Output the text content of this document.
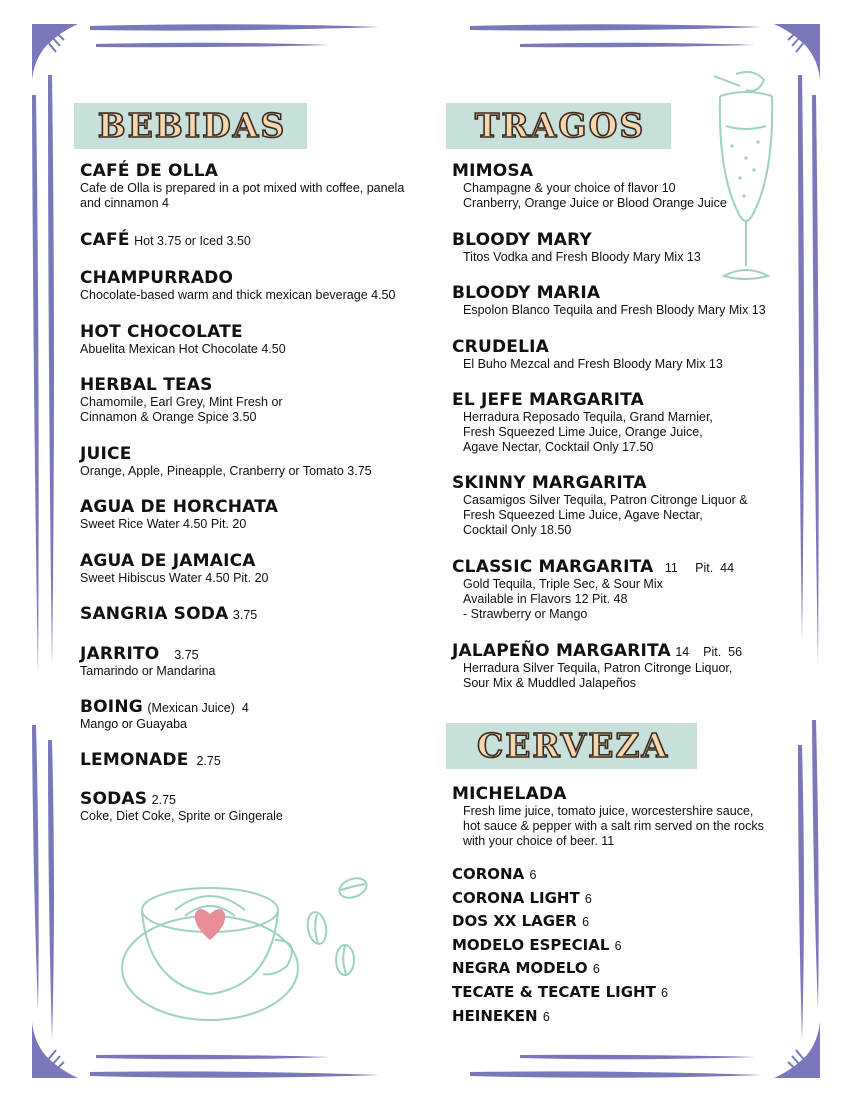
BEBIDAS
CAFÉ DE OLLA
Cafe de Olla is prepared in a pot mixed with coffee, panela
and cinnamon 4
CAFÉ Hot 3.75 or Iced 3.50
CHAMPURRADO
Chocolate-based warm and thick mexican beverage 4.50
HOT CHOCOLATE
Abuelita Mexican Hot Chocolate 4.50
HERBAL TEAS
Chamomile, Earl Grey, Mint Fresh or
Cinnamon & Orange Spice 3.50
JUICE
Orange, Apple, Pineapple, Cranberry or Tomato 3.75
AGUA DE HORCHATA
Sweet Rice Water 4.50 Pit. 20
AGUA DE JAMAICA
Sweet Hibiscus Water 4.50 Pit. 20
SANGRIA SODA 3.75
JARRITO    3.75
Tamarindo or Mandarina
BOING (Mexican Juice)  4
Mango or Guayaba
LEMONADE  2.75
SODAS 2.75
Coke, Diet Coke, Sprite or Gingerale
TRAGOS
MIMOSA
Champagne & your choice of flavor 10
Cranberry, Orange Juice or Blood Orange Juice
BLOODY MARY
Titos Vodka and Fresh Bloody Mary Mix 13
BLOODY MARIA
Espolon Blanco Tequila and Fresh Bloody Mary Mix 13
CRUDELIA
El Buho Mezcal and Fresh Bloody Mary Mix 13
EL JEFE MARGARITA
Herradura Reposado Tequila, Grand Marnier,
Fresh Squeezed Lime Juice, Orange Juice,
Agave Nectar, Cocktail Only 17.50
SKINNY MARGARITA
Casamigos Silver Tequila, Patron Citronge Liquor &
Fresh Squeezed Lime Juice, Agave Nectar,
Cocktail Only 18.50
CLASSIC MARGARITA   11     Pit.  44
Gold Tequila, Triple Sec, & Sour Mix
Available in Flavors 12 Pit. 48
- Strawberry or Mango
JALAPEÑO MARGARITA 14    Pit.  56
Herradura Silver Tequila, Patron Citronge Liquor,
Sour Mix & Muddled Jalapeños
CERVEZA
MICHELADA
Fresh lime juice, tomato juice, worcestershire sauce,
hot sauce & pepper with a salt rim served on the rocks
with your choice of beer. 11
CORONA 6
CORONA LIGHT 6
DOS XX LAGER 6
MODELO ESPECIAL 6
NEGRA MODELO 6
TECATE & TECATE LIGHT 6
HEINEKEN 6
